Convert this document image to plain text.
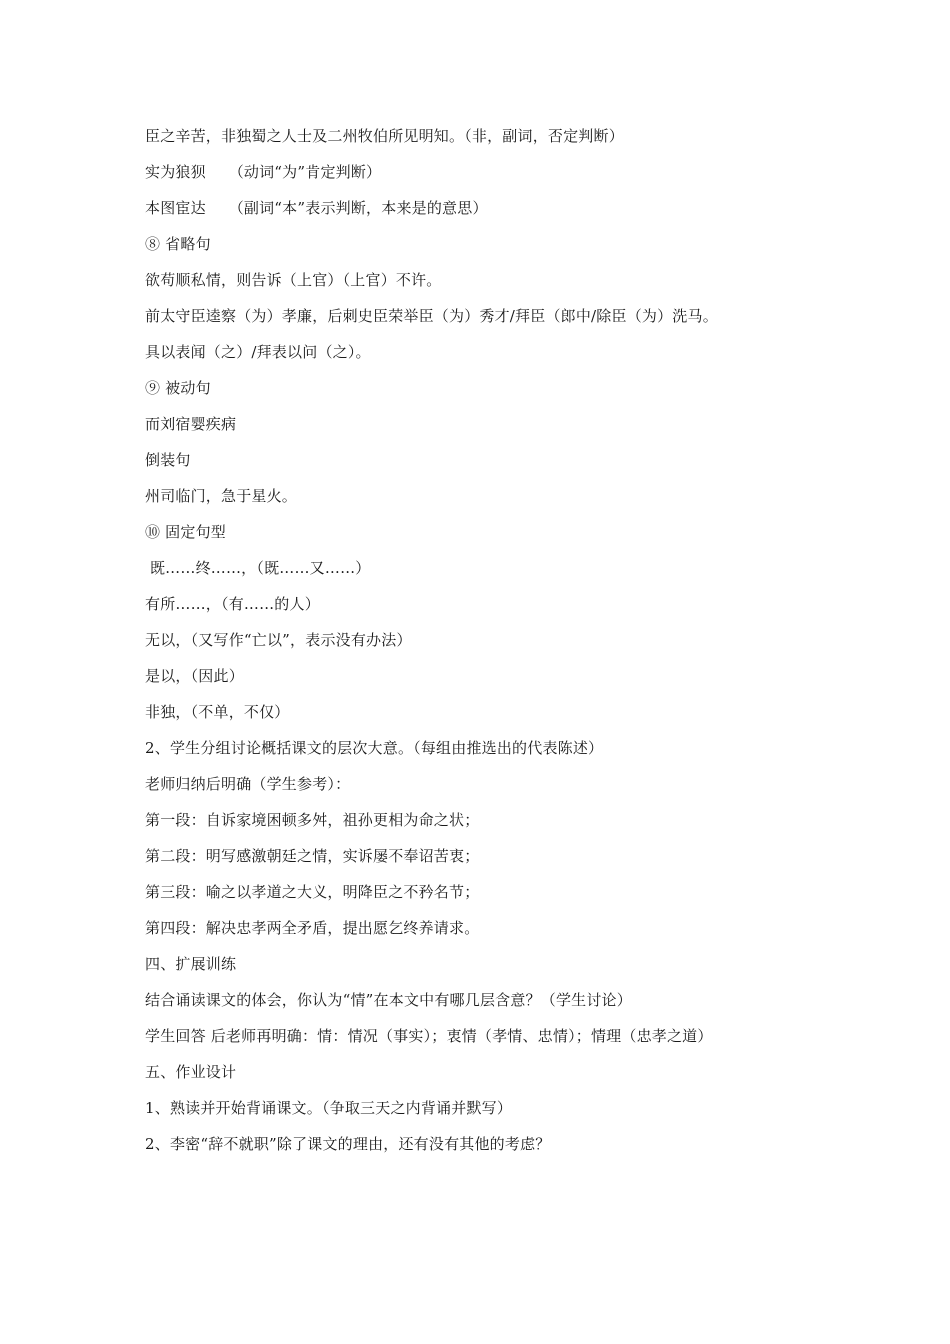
臣之辛苦，非独蜀之人士及二州牧伯所见明知。（非，副词，否定判断）
实为狼狈　　（动词“为”肯定判断）
本图宦达　　（副词“本”表示判断，本来是的意思）
⑧ 省略句
欲苟顺私情，则告诉（上官）（上官）不许。
前太守臣逵察（为）孝廉，后刺史臣荣举臣（为）秀才/拜臣（郎中/除臣（为）洗马。
具以表闻（之）/拜表以问（之）。
⑨ 被动句
而刘宿婴疾病
倒装句
州司临门，急于星火。
⑩ 固定句型
既……终……，（既……又……）
有所……，（有……的人）
无以，（又写作“亡以”，表示没有办法）
是以，（因此）
非独，（不单，不仅）
2、学生分组讨论概括课文的层次大意。（每组由推选出的代表陈述）
老师归纳后明确（学生参考）：
第一段：自诉家境困顿多舛，祖孙更相为命之状；
第二段：明写感激朝廷之情，实诉屡不奉诏苦衷；
第三段：喻之以孝道之大义，明降臣之不矜名节；
第四段：解决忠孝两全矛盾，提出愿乞终养请求。
四、扩展训练
结合诵读课文的体会，你认为“情”在本文中有哪几层含意？（学生讨论）
学生回答 后老师再明确：情：情况（事实）；衷情（孝情、忠情）；情理（忠孝之道）
五、作业设计
1、熟读并开始背诵课文。（争取三天之内背诵并默写）
2、李密“辞不就职”除了课文的理由，还有没有其他的考虑？
